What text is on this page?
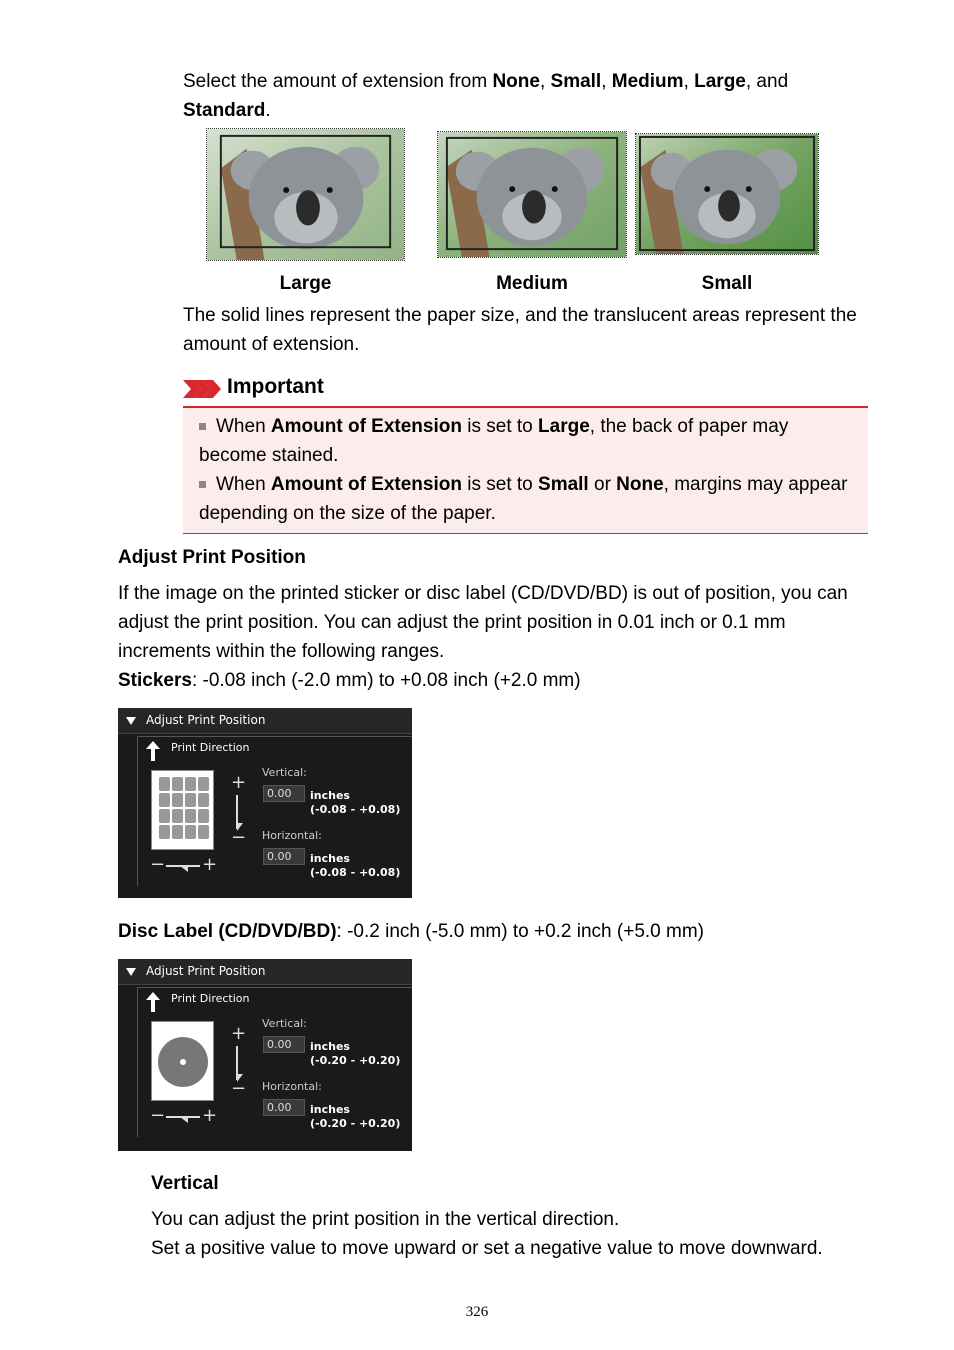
Select the amount of extension from None, Small, Medium, Large, and
Standard.
Large	Medium	Small
The solid lines represent the paper size, and the translucent areas represent the amount of extension.
Important
When Amount of Extension is set to Large, the back of paper may become stained.
When Amount of Extension is set to Small or None, margins may appear depending on the size of the paper.
Adjust Print Position
If the image on the printed sticker or disc label (CD/DVD/BD) is out of position, you can adjust the print position. You can adjust the print position in 0.01 inch or 0.1 mm increments within the following ranges.
Stickers: -0.08 inch (-2.0 mm) to +0.08 inch (+2.0 mm)
Adjust Print Position
Print Direction
+
−
− +
Vertical:
0.00	inches
(-0.08 - +0.08)
Horizontal:
0.00	inches
(-0.08 - +0.08)
Disc Label (CD/DVD/BD): -0.2 inch (-5.0 mm) to +0.2 inch (+5.0 mm)
Adjust Print Position
Print Direction
+
−
− +
Vertical:
0.00	inches
(-0.20 - +0.20)
Horizontal:
0.00	inches
(-0.20 - +0.20)
Vertical
You can adjust the print position in the vertical direction.
Set a positive value to move upward or set a negative value to move downward.
326
